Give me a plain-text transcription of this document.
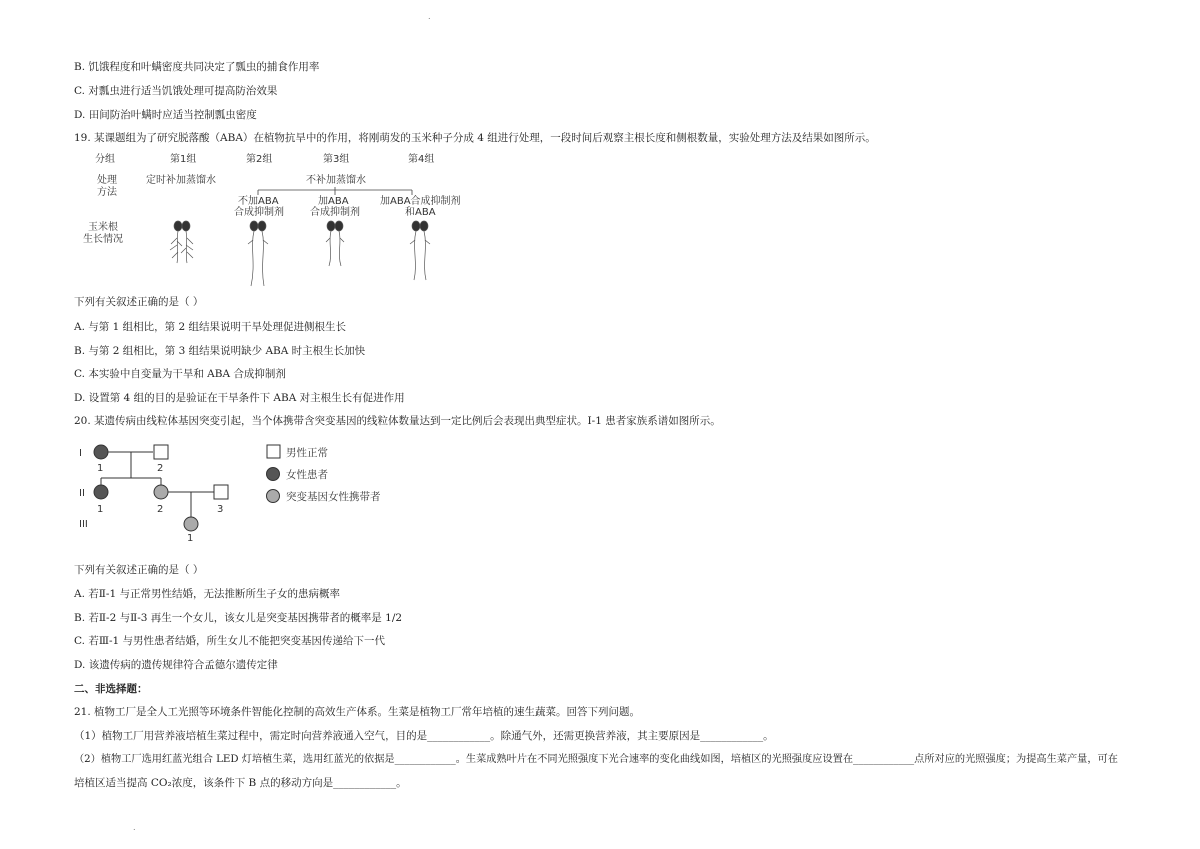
.
B. 饥饿程度和叶螨密度共同决定了瓢虫的捕食作用率
C. 对瓢虫进行适当饥饿处理可提高防治效果
D. 田间防治叶螨时应适当控制瓢虫密度
19. 某课题组为了研究脱落酸（ABA）在植物抗旱中的作用，将刚萌发的玉米种子分成 4 组进行处理，一段时间后观察主根长度和侧根数量，实验处理方法及结果如图所示。
分组	第1组	第2组	第3组	第4组
处理
方法
定时补加蒸馏水	不补加蒸馏水
不加ABA
合成抑制剂
加ABA
合成抑制剂
加ABA合成抑制剂
和ABA
玉米根
生长情况
下列有关叙述正确的是（ ）
A. 与第 1 组相比，第 2 组结果说明干旱处理促进侧根生长
B. 与第 2 组相比，第 3 组结果说明缺少 ABA 时主根生长加快
C. 本实验中自变量为干旱和 ABA 合成抑制剂
D. 设置第 4 组的目的是验证在干旱条件下 ABA 对主根生长有促进作用
20. 某遗传病由线粒体基因突变引起，当个体携带含突变基因的线粒体数量达到一定比例后会表现出典型症状。Ⅰ-1 患者家族系谱如图所示。
I
II
III
1	2
1	2	3
1
男性正常
女性患者
突变基因女性携带者
下列有关叙述正确的是（ ）
A. 若Ⅱ-1 与正常男性结婚，无法推断所生子女的患病概率
B. 若Ⅱ-2 与Ⅱ-3 再生一个女儿，该女儿是突变基因携带者的概率是 1/2
C. 若Ⅲ-1 与男性患者结婚，所生女儿不能把突变基因传递给下一代
D. 该遗传病的遗传规律符合孟德尔遗传定律
二、非选择题：
21. 植物工厂是全人工光照等环境条件智能化控制的高效生产体系。生菜是植物工厂常年培植的速生蔬菜。回答下列问题。
（1）植物工厂用营养液培植生菜过程中，需定时向营养液通入空气，目的是____________。除通气外，还需更换营养液，其主要原因是____________。
（2）植物工厂选用红蓝光组合 LED 灯培植生菜，选用红蓝光的依据是____________。生菜成熟叶片在不同光照强度下光合速率的变化曲线如图，培植区的光照强度应设置在____________点所对应的光照强度；为提高生菜产量，可在
培植区适当提高 CO₂浓度，该条件下 B 点的移动方向是____________。
.
